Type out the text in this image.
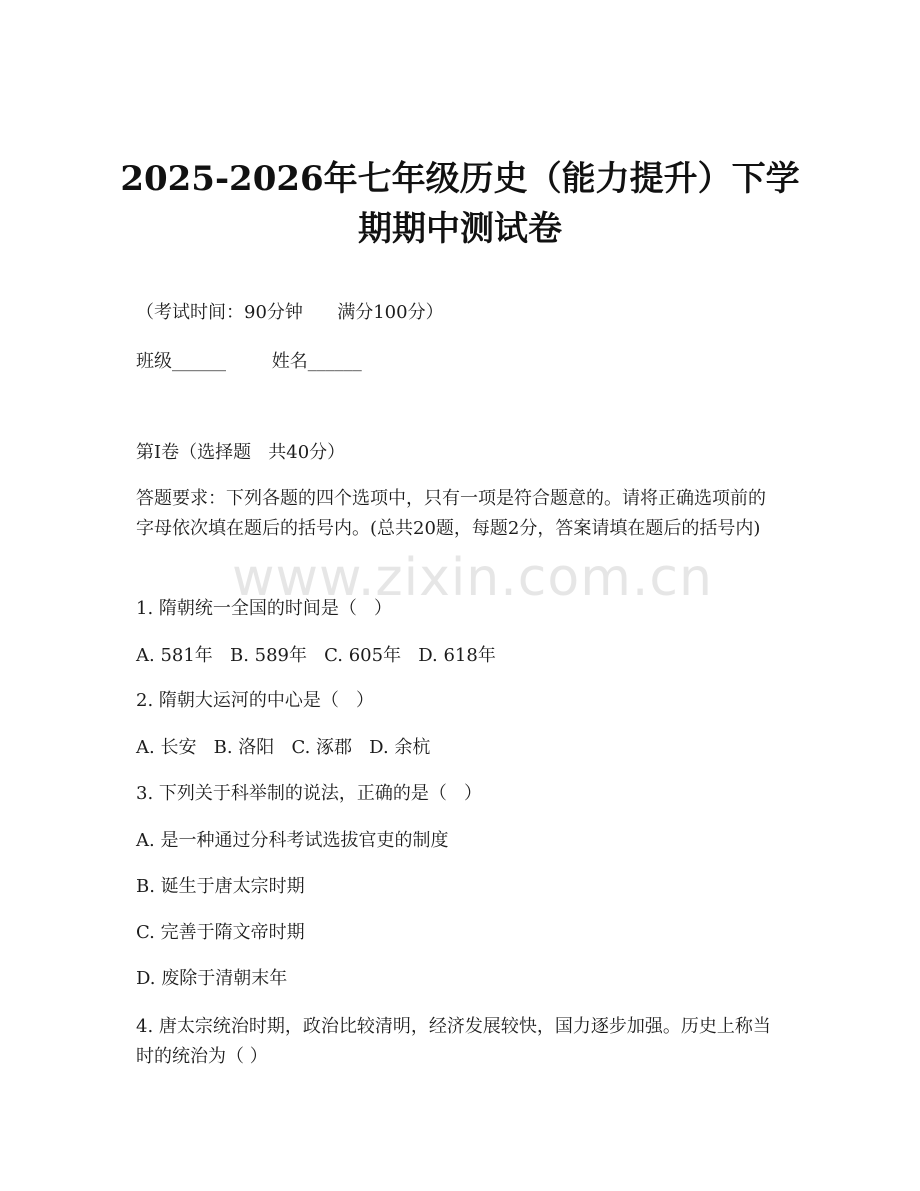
2025-2026年七年级历史（能力提升）下学
期期中测试卷
（考试时间：90分钟      满分100分）
班级______        姓名______
第I卷（选择题   共40分）
答题要求：下列各题的四个选项中，只有一项是符合题意的。请将正确选项前的字母依次填在题后的括号内。(总共20题，每题2分，答案请填在题后的括号内)
www.zixin.com.cn
1. 隋朝统一全国的时间是（   ）
A. 581年   B. 589年   C. 605年   D. 618年
2. 隋朝大运河的中心是（   ）
A. 长安   B. 洛阳   C. 涿郡   D. 余杭
3. 下列关于科举制的说法，正确的是（   ）
A. 是一种通过分科考试选拔官吏的制度
B. 诞生于唐太宗时期
C. 完善于隋文帝时期
D. 废除于清朝末年
4. 唐太宗统治时期，政治比较清明，经济发展较快，国力逐步加强。历史上称当时的统治为（ ）
